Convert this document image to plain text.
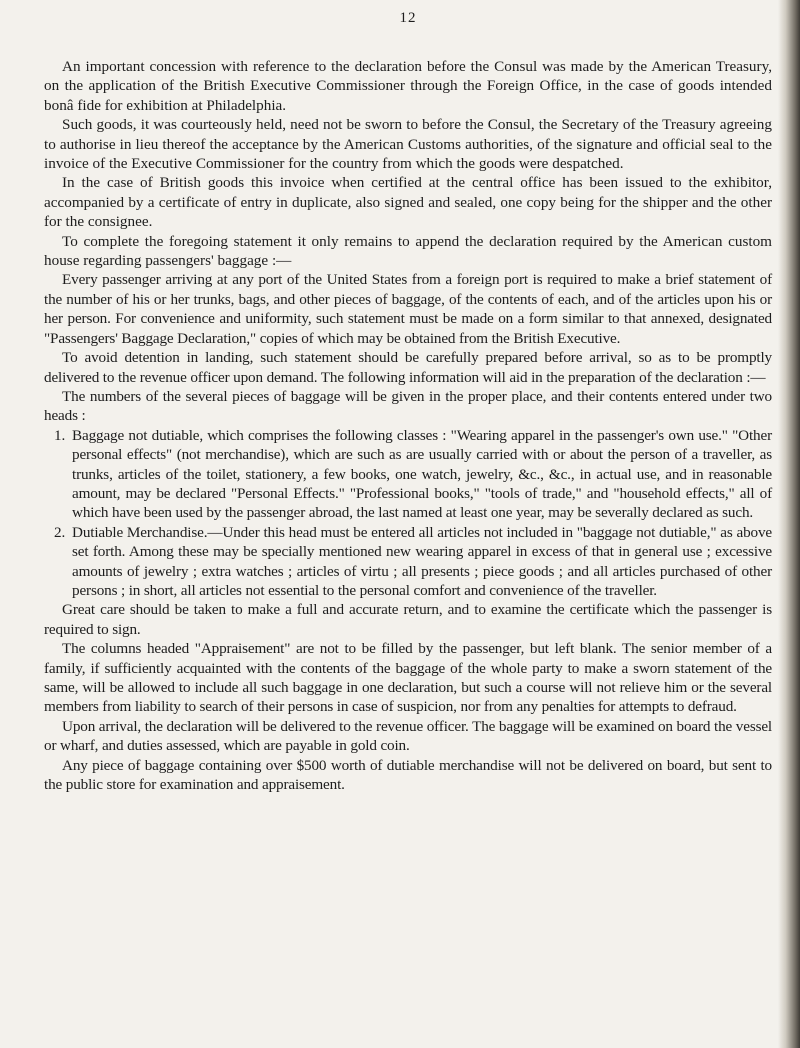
12

An important concession with reference to the declaration before the Consul was made by the American Treasury, on the application of the British Executive Commissioner through the Foreign Office, in the case of goods intended bonâ fide for exhibition at Philadelphia.

Such goods, it was courteously held, need not be sworn to before the Consul, the Secretary of the Treasury agreeing to authorise in lieu thereof the acceptance by the American Customs authorities, of the signature and official seal to the invoice of the Executive Commissioner for the country from which the goods were despatched.

In the case of British goods this invoice when certified at the central office has been issued to the exhibitor, accompanied by a certificate of entry in duplicate, also signed and sealed, one copy being for the shipper and the other for the consignee.

To complete the foregoing statement it only remains to append the declaration required by the American custom house regarding passengers' baggage :—

Every passenger arriving at any port of the United States from a foreign port is required to make a brief statement of the number of his or her trunks, bags, and other pieces of baggage, of the contents of each, and of the articles upon his or her person. For convenience and uniformity, such statement must be made on a form similar to that annexed, designated "Passengers' Baggage Declaration," copies of which may be obtained from the British Executive.

To avoid detention in landing, such statement should be carefully prepared before arrival, so as to be promptly delivered to the revenue officer upon demand. The following information will aid in the preparation of the declaration :—

The numbers of the several pieces of baggage will be given in the proper place, and their contents entered under two heads :

1. Baggage not dutiable, which comprises the following classes : "Wearing apparel in the passenger's own use." "Other personal effects" (not merchandise), which are such as are usually carried with or about the person of a traveller, as trunks, articles of the toilet, stationery, a few books, one watch, jewelry, &c., &c., in actual use, and in reasonable amount, may be declared "Personal Effects." "Professional books," "tools of trade," and "household effects," all of which have been used by the passenger abroad, the last named at least one year, may be severally declared as such.

2. Dutiable Merchandise.—Under this head must be entered all articles not included in "baggage not dutiable," as above set forth. Among these may be specially mentioned new wearing apparel in excess of that in general use ; excessive amounts of jewelry ; extra watches ; articles of virtu ; all presents ; piece goods ; and all articles purchased of other persons ; in short, all articles not essential to the personal comfort and convenience of the traveller.

Great care should be taken to make a full and accurate return, and to examine the certificate which the passenger is required to sign.

The columns headed "Appraisement" are not to be filled by the passenger, but left blank. The senior member of a family, if sufficiently acquainted with the contents of the baggage of the whole party to make a sworn statement of the same, will be allowed to include all such baggage in one declaration, but such a course will not relieve him or the several members from liability to search of their persons in case of suspicion, nor from any penalties for attempts to defraud.

Upon arrival, the declaration will be delivered to the revenue officer. The baggage will be examined on board the vessel or wharf, and duties assessed, which are payable in gold coin.

Any piece of baggage containing over $500 worth of dutiable merchandise will not be delivered on board, but sent to the public store for examination and appraisement.
